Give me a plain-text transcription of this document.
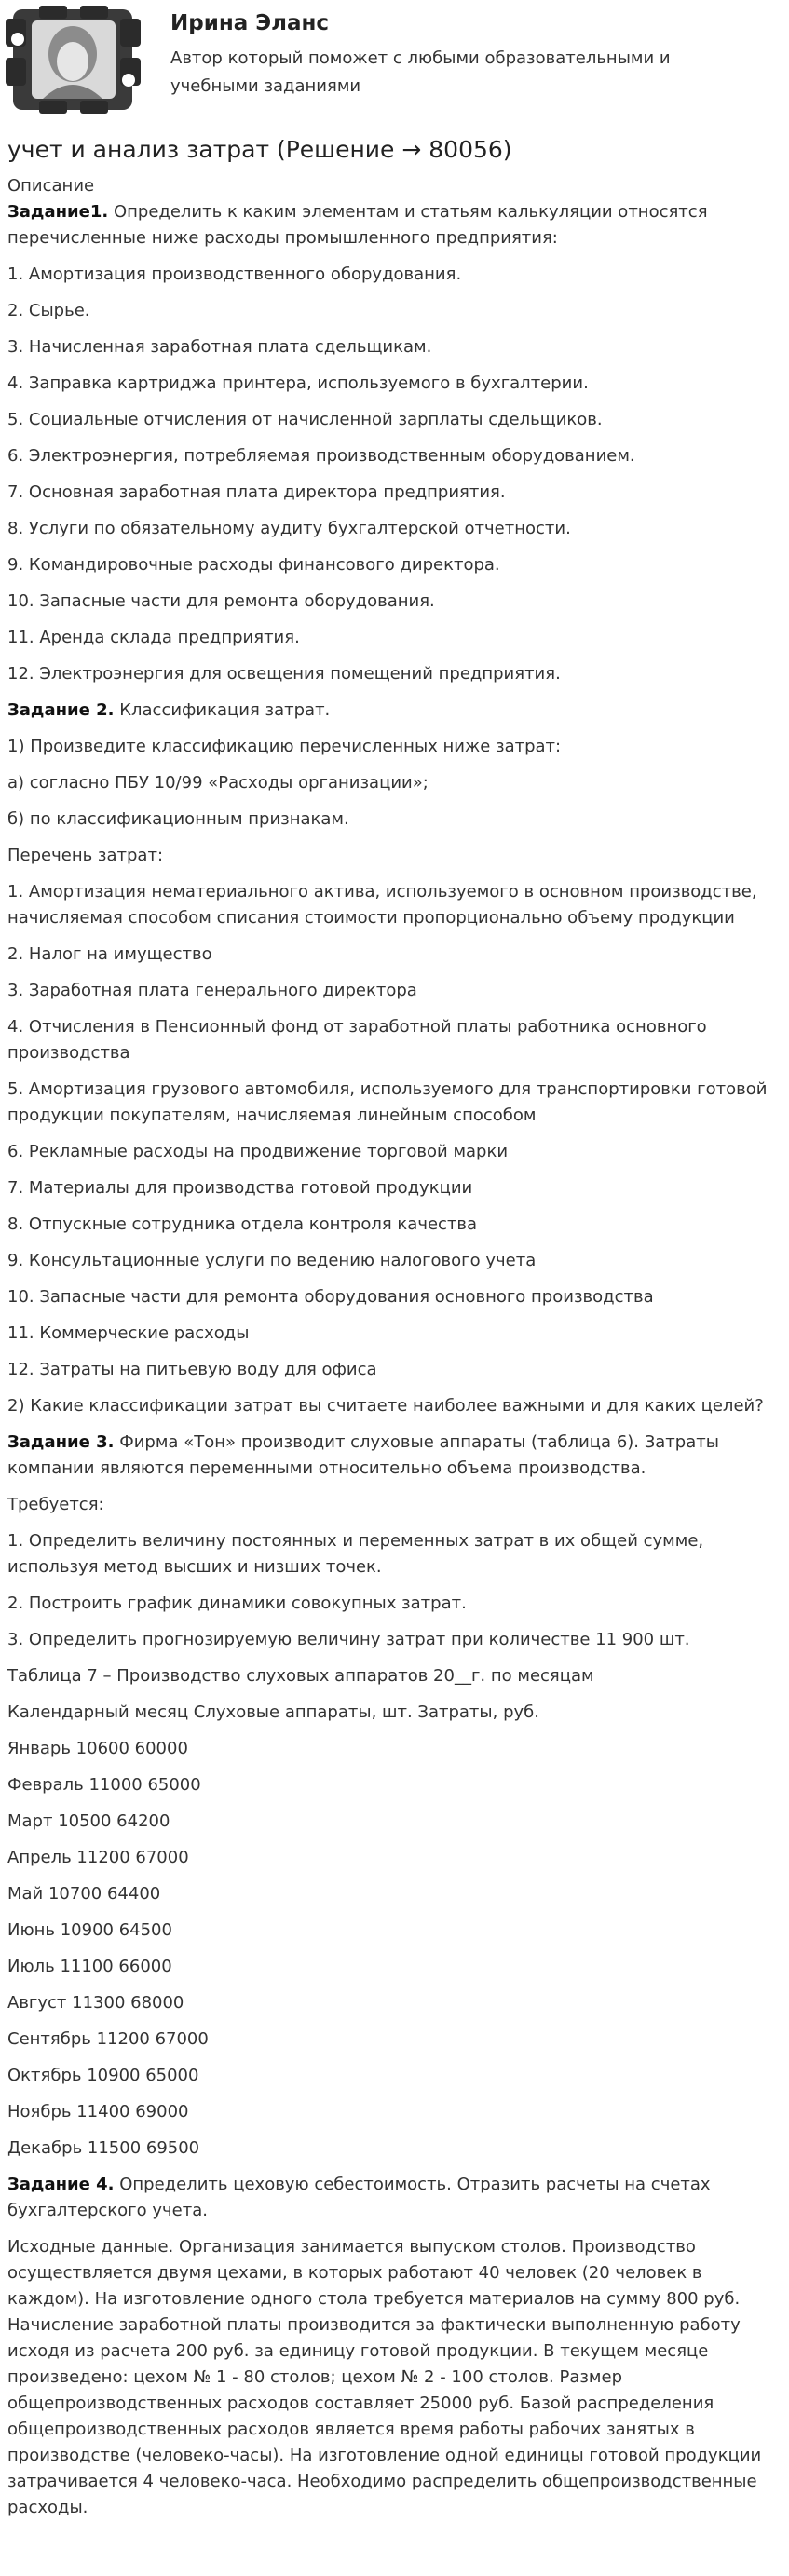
Ирина Эланс
Автор который поможет с любыми образовательными и учебными заданиями
учет и анализ затрат (Решение → 80056)
Описание

Задание1. Определить к каким элементам и статьям калькуляции относятся перечисленные ниже расходы промышленного предприятия:

1. Амортизация производственного оборудования.

2. Сырье.

3. Начисленная заработная плата сдельщикам.

4. Заправка картриджа принтера, используемого в бухгалтерии.

5. Социальные отчисления от начисленной зарплаты сдельщиков.

6. Электроэнергия, потребляемая производственным оборудованием.

7. Основная заработная плата директора предприятия.

8. Услуги по обязательному аудиту бухгалтерской отчетности.

9. Командировочные расходы финансового директора.

10. Запасные части для ремонта оборудования.

11. Аренда склада предприятия.

12. Электроэнергия для освещения помещений предприятия.

Задание 2. Классификация затрат.

1) Произведите классификацию перечисленных ниже затрат:

а) согласно ПБУ 10/99 «Расходы организации»;

б) по классификационным признакам.

Перечень затрат:

1. Амортизация нематериального актива, используемого в основном производстве, начисляемая способом списания стоимости пропорционально объему продукции

2. Налог на имущество

3. Заработная плата генерального директора

4. Отчисления в Пенсионный фонд от заработной платы работника основного производства

5. Амортизация грузового автомобиля, используемого для транспортировки готовой продукции покупателям, начисляемая линейным способом

6. Рекламные расходы на продвижение торговой марки

7. Материалы для производства готовой продукции

8. Отпускные сотрудника отдела контроля качества

9. Консультационные услуги по ведению налогового учета

10. Запасные части для ремонта оборудования основного производства

11. Коммерческие расходы

12. Затраты на питьевую воду для офиса

2) Какие классификации затрат вы считаете наиболее важными и для каких целей?

Задание 3. Фирма «Тон» производит слуховые аппараты (таблица 6). Затраты компании являются переменными относительно объема производства.

Требуется:

1. Определить величину постоянных и переменных затрат в их общей сумме, используя метод высших и низших точек.

2. Построить график динамики совокупных затрат.

3. Определить прогнозируемую величину затрат при количестве 11 900 шт.

Таблица 7 – Производство слуховых аппаратов 20__г. по месяцам

Календарный месяц Слуховые аппараты, шт. Затраты, руб.

Январь 10600 60000

Февраль 11000 65000

Март 10500 64200

Апрель 11200 67000

Май 10700 64400

Июнь 10900 64500

Июль 11100 66000

Август 11300 68000

Сентябрь 11200 67000

Октябрь 10900 65000

Ноябрь 11400 69000

Декабрь 11500 69500

Задание 4. Определить цеховую себестоимость. Отразить расчеты на счетах бухгалтерского учета.

Исходные данные. Организация занимается выпуском столов. Производство осуществляется двумя цехами, в которых работают 40 человек (20 человек в каждом). На изготовление одного стола требуется материалов на сумму 800 руб. Начисление заработной платы производится за фактически выполненную работу исходя из расчета 200 руб. за единицу готовой продукции. В текущем месяце произведено: цехом № 1 - 80 столов; цехом № 2 - 100 столов. Размер общепроизводственных расходов составляет 25000 руб. Базой распределения общепроизводственных расходов является время работы рабочих занятых в производстве (человеко-часы). На изготовление одной единицы готовой продукции затрачивается 4 человеко-часа. Необходимо распределить общепроизводственные расходы.
